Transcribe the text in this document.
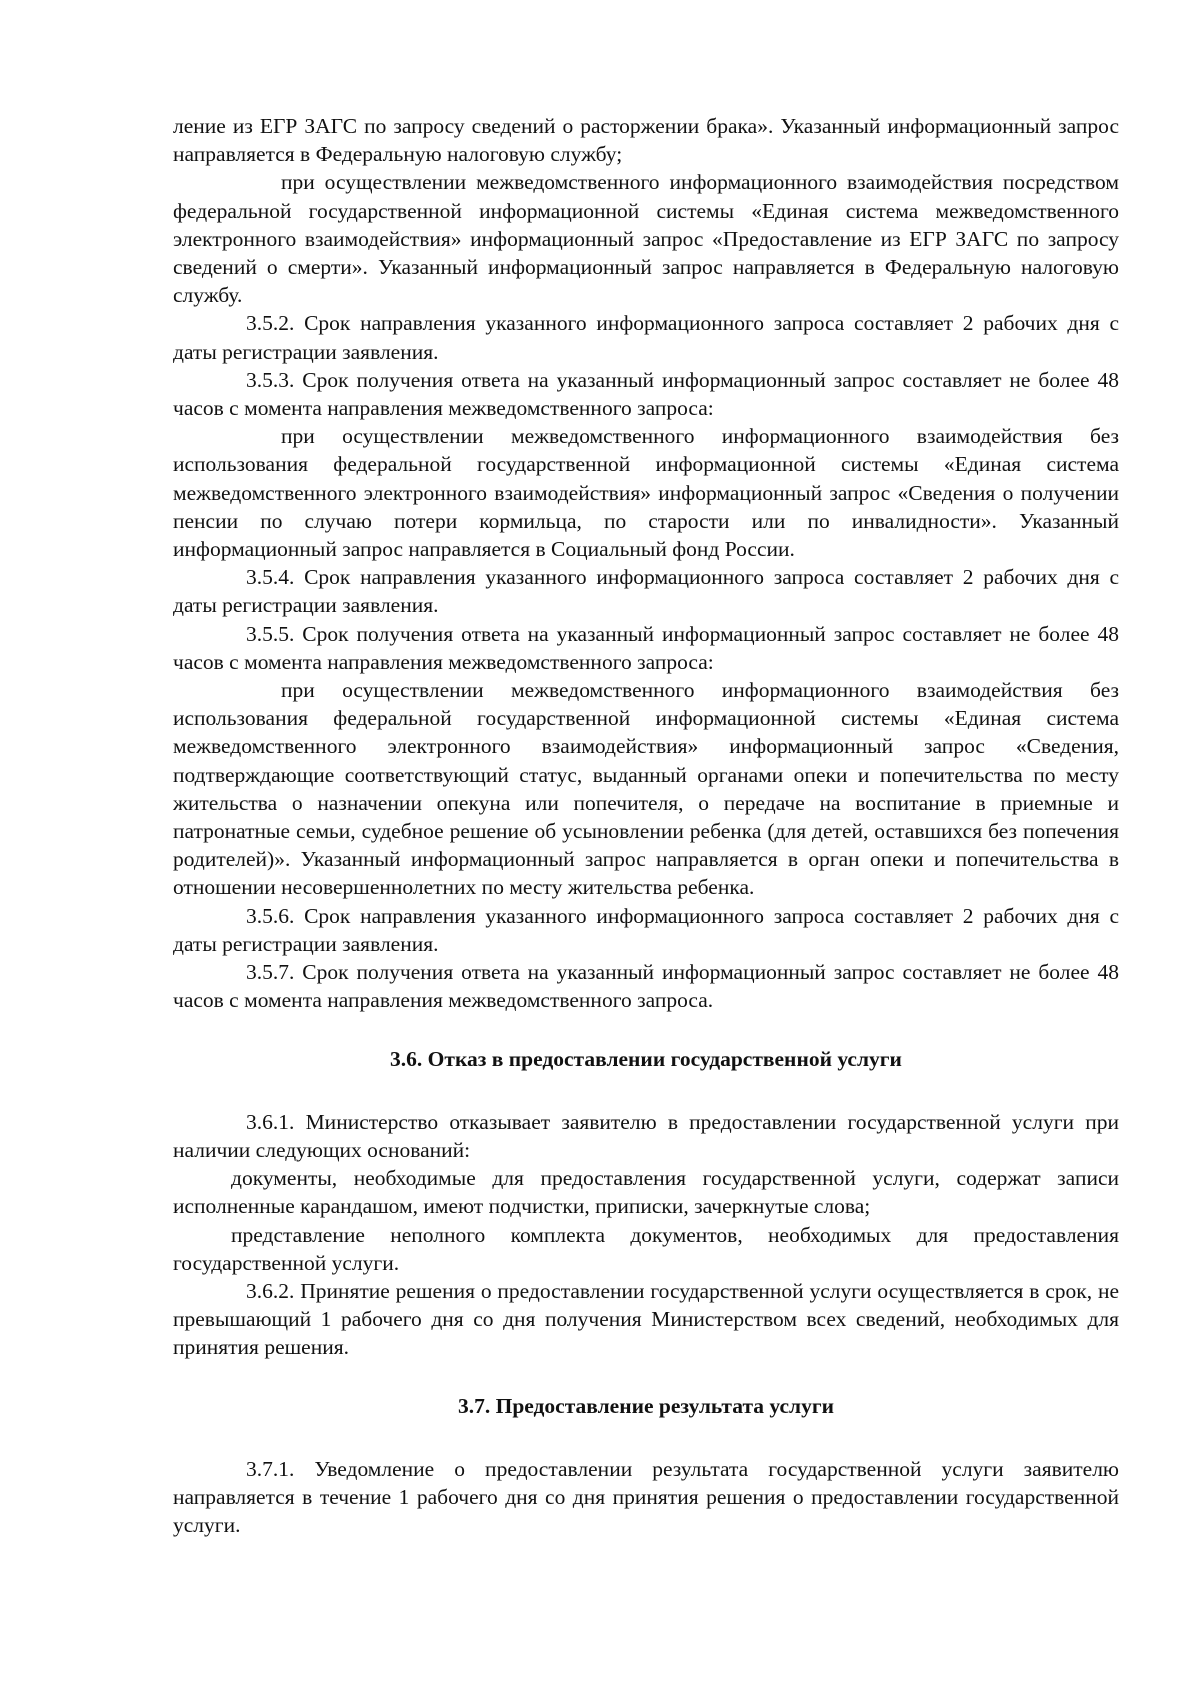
ление из ЕГР ЗАГС по запросу сведений о расторжении брака». Указанный информационный запрос направляется в Федеральную налоговую службу;

при осуществлении межведомственного информационного взаимодействия посредством федеральной государственной информационной системы «Единая система межведомственного электронного взаимодействия» информационный запрос «Предоставление из ЕГР ЗАГС по запросу сведений о смерти». Указанный информационный запрос направляется в Федеральную налоговую службу.

3.5.2. Срок направления указанного информационного запроса составляет 2 рабочих дня с даты регистрации заявления.

3.5.3. Срок получения ответа на указанный информационный запрос составляет не более 48 часов с момента направления межведомственного запроса:

при осуществлении межведомственного информационного взаимодействия без использования федеральной государственной информационной системы «Единая система межведомственного электронного взаимодействия» информационный запрос «Сведения о получении пенсии по случаю потери кормильца, по старости или по инвалидности». Указанный информационный запрос направляется в Социальный фонд России.

3.5.4. Срок направления указанного информационного запроса составляет 2 рабочих дня с даты регистрации заявления.

3.5.5. Срок получения ответа на указанный информационный запрос составляет не более 48 часов с момента направления межведомственного запроса:

при осуществлении межведомственного информационного взаимодействия без использования федеральной государственной информационной системы «Единая система межведомственного электронного взаимодействия» информационный запрос «Сведения, подтверждающие соответствующий статус, выданный органами опеки и попечительства по месту жительства о назначении опекуна или попечителя, о передаче на воспитание в приемные и патронатные семьи, судебное решение об усыновлении ребенка (для детей, оставшихся без попечения родителей)». Указанный информационный запрос направляется в орган опеки и попечительства в отношении несовершеннолетних по месту жительства ребенка.

3.5.6. Срок направления указанного информационного запроса составляет 2 рабочих дня с даты регистрации заявления.

3.5.7. Срок получения ответа на указанный информационный запрос составляет не более 48 часов с момента направления межведомственного запроса.

3.6. Отказ в предоставлении государственной услуги

3.6.1. Министерство отказывает заявителю в предоставлении государственной услуги при наличии следующих оснований:

документы, необходимые для предоставления государственной услуги, содержат записи исполненные карандашом, имеют подчистки, приписки, зачеркнутые слова;

представление неполного комплекта документов, необходимых для предоставления государственной услуги.

3.6.2. Принятие решения о предоставлении государственной услуги осуществляется в срок, не превышающий 1 рабочего дня со дня получения Министерством всех сведений, необходимых для принятия решения.

3.7. Предоставление результата услуги

3.7.1. Уведомление о предоставлении результата государственной услуги заявителю направляется в течение 1 рабочего дня со дня принятия решения о предоставлении государственной услуги.
